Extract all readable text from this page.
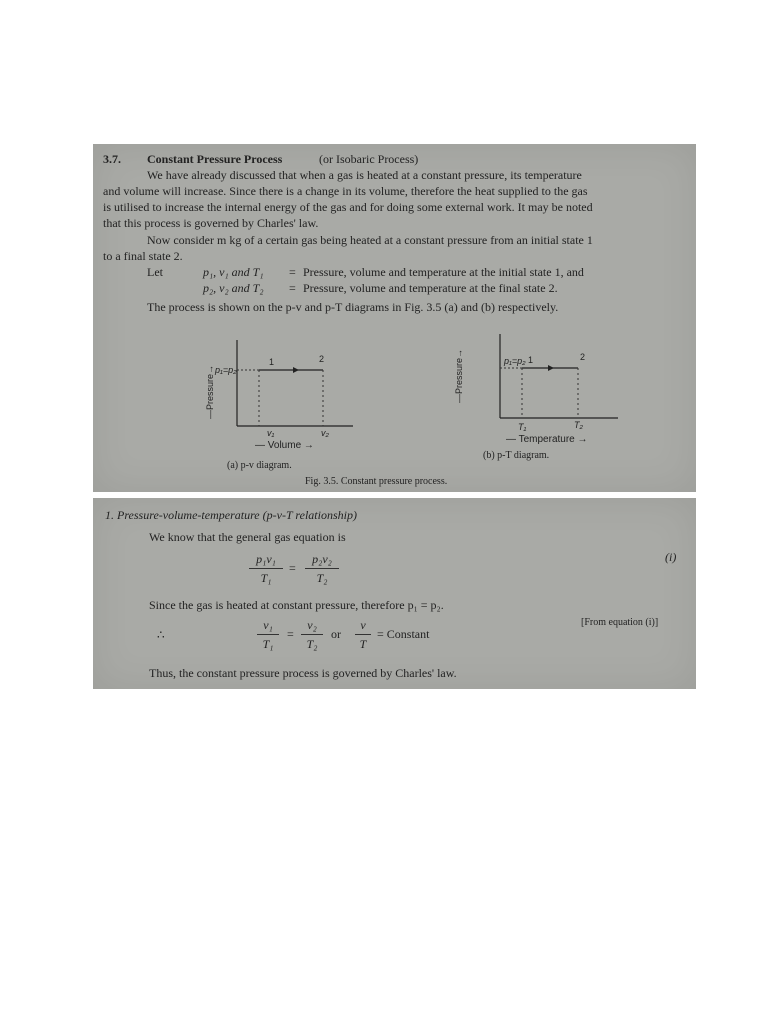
3.7. Constant Pressure Process	(or Isobaric Process)
We have already discussed that when a gas is heated at a constant pressure, its temperature
and volume will increase. Since there is a change in its volume, therefore the heat supplied to the gas
is utilised to increase the internal energy of the gas and for doing some external work. It may be noted
that this process is governed by Charles' law.
Now consider m kg of a certain gas being heated at a constant pressure from an initial state 1
to a final state 2.
Let	p₁, v₁ and T₁ = Pressure, volume and temperature at the initial state 1, and
p₂, v₂ and T₂ = Pressure, volume and temperature at the final state 2.
The process is shown on the p-v and p-T diagrams in Fig. 3.5 (a) and (b) respectively.
—Pressure→ p₁=p₂
1	2
v₁	v₂
— Volume →
—Pressure→	p₁=p₂ 1	2
T₁	T₂
— Temperature →
(a) p-v diagram.
(b) p-T diagram.
Fig. 3.5. Constant pressure process.
1. Pressure-volume-temperature (p-v-T relationship)
We know that the general gas equation is
p₁v₁
T₁
=
p₂v₂
T₂
(i)
Since the gas is heated at constant pressure, therefore p₁ = p₂.
∴
v₁
T₁
=
v₂
T₂
or
v
T
= Constant
[From equation (i)]
Thus, the constant pressure process is governed by Charles' law.
